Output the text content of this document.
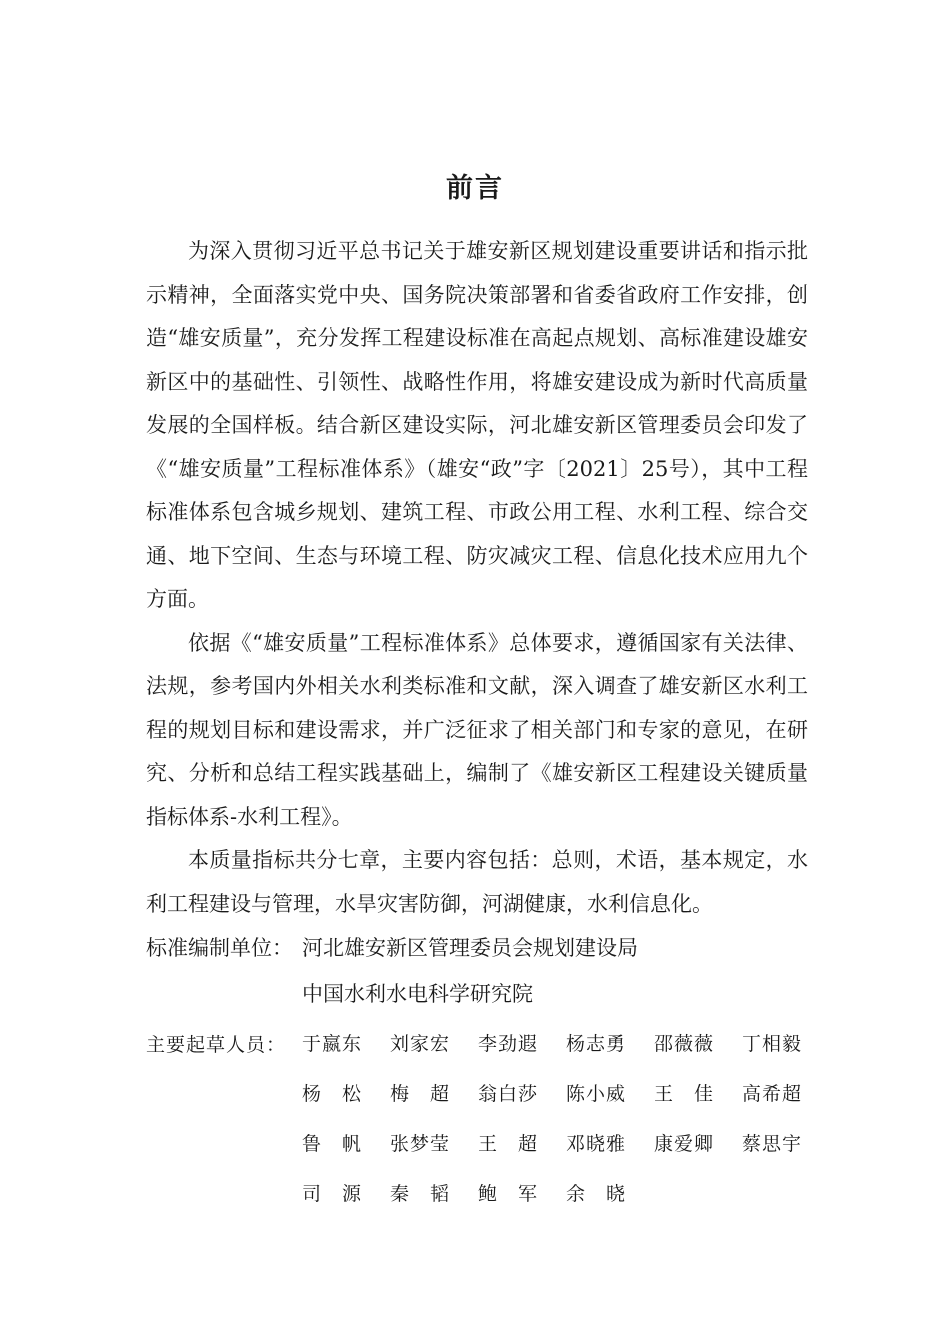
前言

为深入贯彻习近平总书记关于雄安新区规划建设重要讲话和指示批示精神，全面落实党中央、国务院决策部署和省委省政府工作安排，创造“雄安质量”，充分发挥工程建设标准在高起点规划、高标准建设雄安新区中的基础性、引领性、战略性作用，将雄安建设成为新时代高质量发展的全国样板。结合新区建设实际，河北雄安新区管理委员会印发了《“雄安质量”工程标准体系》（雄安“政”字〔2021〕25号），其中工程标准体系包含城乡规划、建筑工程、市政公用工程、水利工程、综合交通、地下空间、生态与环境工程、防灾减灾工程、信息化技术应用九个方面。

依据《“雄安质量”工程标准体系》总体要求，遵循国家有关法律、法规，参考国内外相关水利类标准和文献，深入调查了雄安新区水利工程的规划目标和建设需求，并广泛征求了相关部门和专家的意见，在研究、分析和总结工程实践基础上，编制了《雄安新区工程建设关键质量指标体系-水利工程》。

本质量指标共分七章，主要内容包括：总则，术语，基本规定，水利工程建设与管理，水旱灾害防御，河湖健康，水利信息化。

标准编制单位： 河北雄安新区管理委员会规划建设局
中国水利水电科学研究院
主要起草人员： 于嬴东	刘家宏	李劲遐	杨志勇	邵薇薇	丁相毅
杨　松	梅　超	翁白莎	陈小威	王　佳	高希超
鲁　帆	张梦莹	王　超	邓晓雅	康爱卿	蔡思宇
司　源	秦　韬	鲍　军	余　晓
